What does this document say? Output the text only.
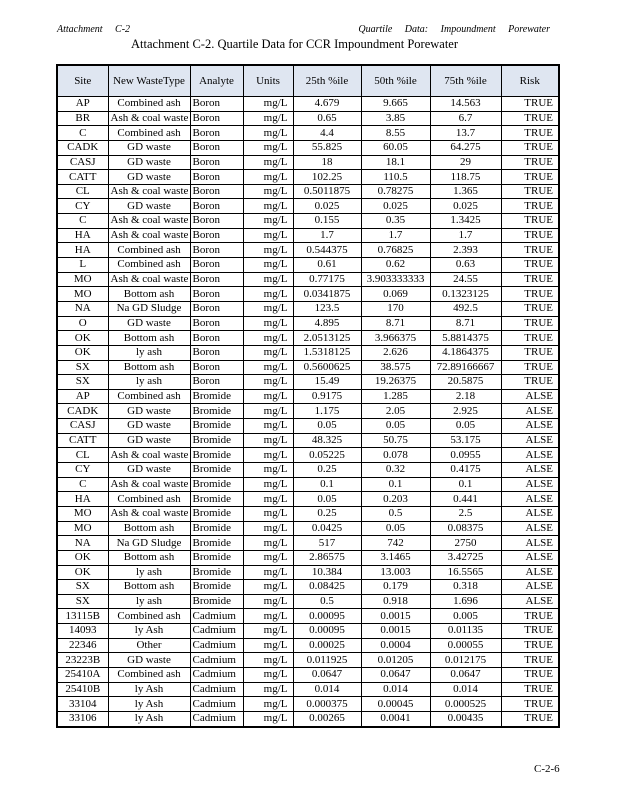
Attachment C-2	Quartile Data: Impoundment Porewater
Attachment C-2. Quartile Data for CCR Impoundment Porewater
Site	New WasteType	Analyte	Units	25th %ile	50th %ile	75th %ile	Risk
AP	Combined ash	Boron	mg/L	4.679	9.665	14.563	TRUE
BR	Ash & coal waste	Boron	mg/L	0.65	3.85	6.7	TRUE
C	Combined ash	Boron	mg/L	4.4	8.55	13.7	TRUE
CADK	GD waste	Boron	mg/L	55.825	60.05	64.275	TRUE
CASJ	GD waste	Boron	mg/L	18	18.1	29	TRUE
CATT	GD waste	Boron	mg/L	102.25	110.5	118.75	TRUE
CL	Ash & coal waste	Boron	mg/L	0.5011875	0.78275	1.365	TRUE
CY	GD waste	Boron	mg/L	0.025	0.025	0.025	TRUE
C	Ash & coal waste	Boron	mg/L	0.155	0.35	1.3425	TRUE
HA	Ash & coal waste	Boron	mg/L	1.7	1.7	1.7	TRUE
HA	Combined ash	Boron	mg/L	0.544375	0.76825	2.393	TRUE
L	Combined ash	Boron	mg/L	0.61	0.62	0.63	TRUE
MO	Ash & coal waste	Boron	mg/L	0.77175	3.903333333	24.55	TRUE
MO	Bottom ash	Boron	mg/L	0.0341875	0.069	0.1323125	TRUE
NA	Na GD Sludge	Boron	mg/L	123.5	170	492.5	TRUE
O	GD waste	Boron	mg/L	4.895	8.71	8.71	TRUE
OK	Bottom ash	Boron	mg/L	2.0513125	3.966375	5.8814375	TRUE
OK	ly ash	Boron	mg/L	1.5318125	2.626	4.1864375	TRUE
SX	Bottom ash	Boron	mg/L	0.5600625	38.575	72.89166667	TRUE
SX	ly ash	Boron	mg/L	15.49	19.26375	20.5875	TRUE
AP	Combined ash	Bromide	mg/L	0.9175	1.285	2.18	ALSE
CADK	GD waste	Bromide	mg/L	1.175	2.05	2.925	ALSE
CASJ	GD waste	Bromide	mg/L	0.05	0.05	0.05	ALSE
CATT	GD waste	Bromide	mg/L	48.325	50.75	53.175	ALSE
CL	Ash & coal waste	Bromide	mg/L	0.05225	0.078	0.0955	ALSE
CY	GD waste	Bromide	mg/L	0.25	0.32	0.4175	ALSE
C	Ash & coal waste	Bromide	mg/L	0.1	0.1	0.1	ALSE
HA	Combined ash	Bromide	mg/L	0.05	0.203	0.441	ALSE
MO	Ash & coal waste	Bromide	mg/L	0.25	0.5	2.5	ALSE
MO	Bottom ash	Bromide	mg/L	0.0425	0.05	0.08375	ALSE
NA	Na GD Sludge	Bromide	mg/L	517	742	2750	ALSE
OK	Bottom ash	Bromide	mg/L	2.86575	3.1465	3.42725	ALSE
OK	ly ash	Bromide	mg/L	10.384	13.003	16.5565	ALSE
SX	Bottom ash	Bromide	mg/L	0.08425	0.179	0.318	ALSE
SX	ly ash	Bromide	mg/L	0.5	0.918	1.696	ALSE
13115B	Combined ash	Cadmium	mg/L	0.00095	0.0015	0.005	TRUE
14093	ly Ash	Cadmium	mg/L	0.00095	0.0015	0.01135	TRUE
22346	Other	Cadmium	mg/L	0.00025	0.0004	0.00055	TRUE
23223B	GD waste	Cadmium	mg/L	0.011925	0.01205	0.012175	TRUE
25410A	Combined ash	Cadmium	mg/L	0.0647	0.0647	0.0647	TRUE
25410B	ly Ash	Cadmium	mg/L	0.014	0.014	0.014	TRUE
33104	ly Ash	Cadmium	mg/L	0.000375	0.00045	0.000525	TRUE
33106	ly Ash	Cadmium	mg/L	0.00265	0.0041	0.00435	TRUE
C-2-6
